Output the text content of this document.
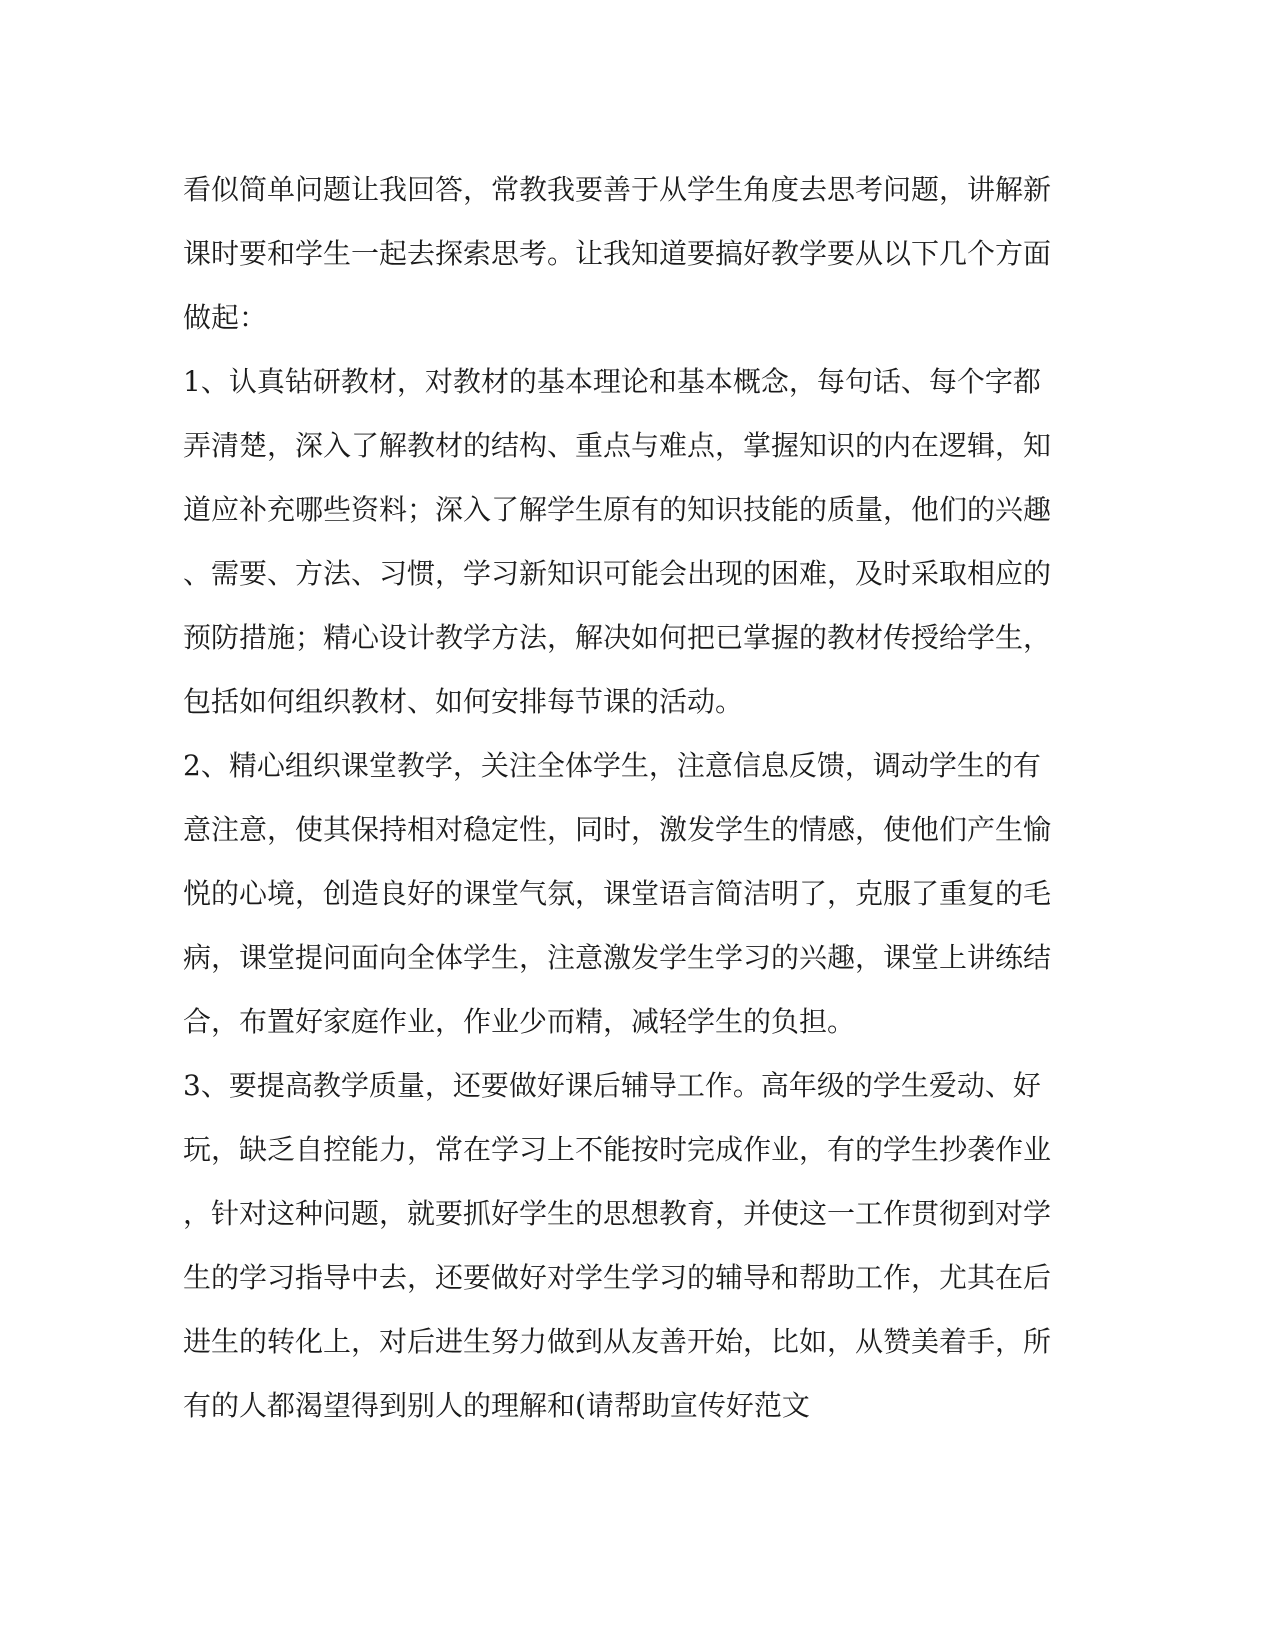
看似简单问题让我回答，常教我要善于从学生角度去思考问题，讲解新
课时要和学生一起去探索思考。让我知道要搞好教学要从以下几个方面
做起：
1、认真钻研教材，对教材的基本理论和基本概念，每句话、每个字都
弄清楚，深入了解教材的结构、重点与难点，掌握知识的内在逻辑，知
道应补充哪些资料；深入了解学生原有的知识技能的质量，他们的兴趣
、需要、方法、习惯，学习新知识可能会出现的困难，及时采取相应的
预防措施；精心设计教学方法，解决如何把已掌握的教材传授给学生，
包括如何组织教材、如何安排每节课的活动。
2、精心组织课堂教学，关注全体学生，注意信息反馈，调动学生的有
意注意，使其保持相对稳定性，同时，激发学生的情感，使他们产生愉
悦的心境，创造良好的课堂气氛，课堂语言简洁明了，克服了重复的毛
病，课堂提问面向全体学生，注意激发学生学习的兴趣，课堂上讲练结
合，布置好家庭作业，作业少而精，减轻学生的负担。
3、要提高教学质量，还要做好课后辅导工作。高年级的学生爱动、好
玩，缺乏自控能力，常在学习上不能按时完成作业，有的学生抄袭作业
，针对这种问题，就要抓好学生的思想教育，并使这一工作贯彻到对学
生的学习指导中去，还要做好对学生学习的辅导和帮助工作，尤其在后
进生的转化上，对后进生努力做到从友善开始，比如，从赞美着手，所
有的人都渴望得到别人的理解和(请帮助宣传好范文
